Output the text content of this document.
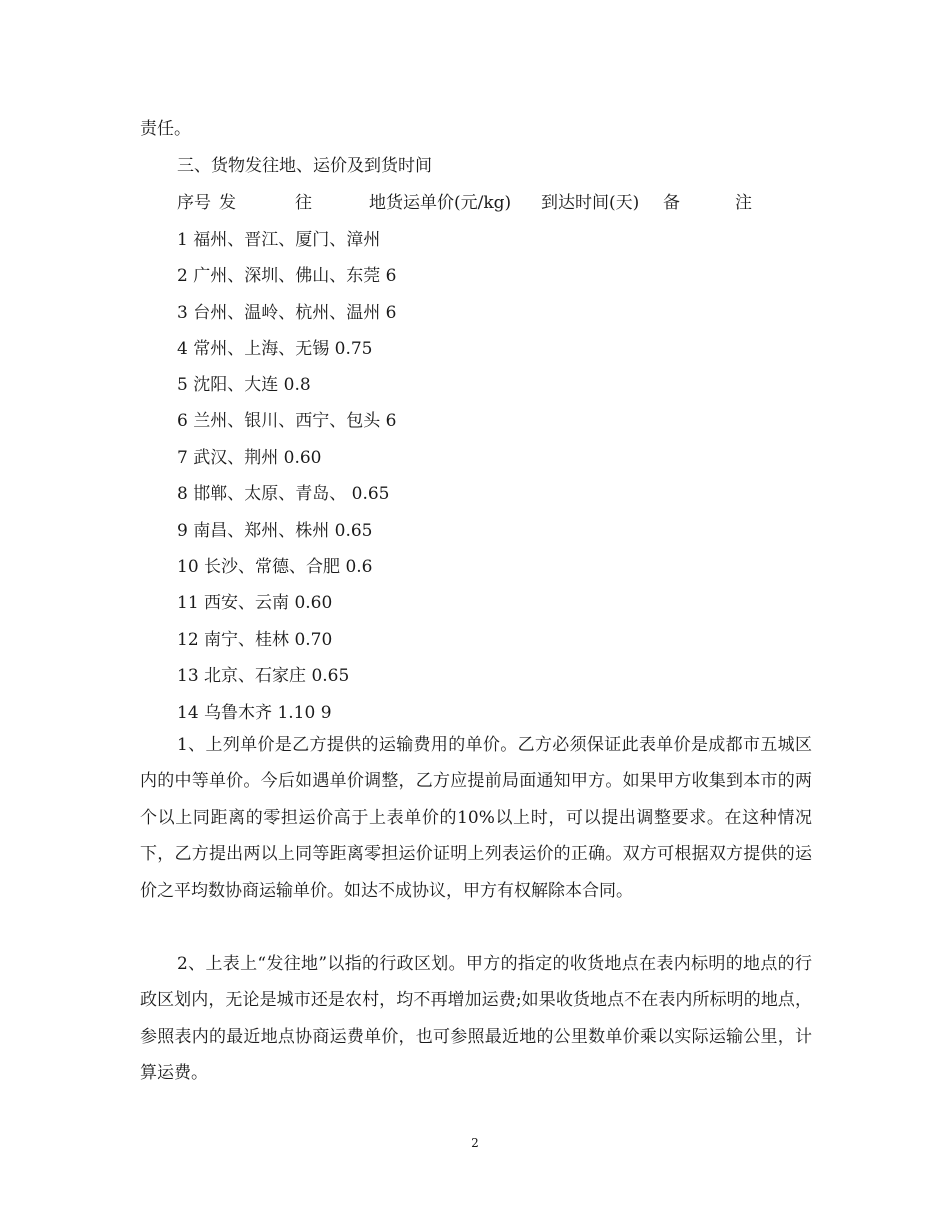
责任。
三、货物发往地、运价及到货时间
序号 发	往	地货运单价(元/kg) 到达时间(天) 备	注
1 福州、晋江、厦门、漳州
2 广州、深圳、佛山、东莞 6
3 台州、温岭、杭州、温州 6
4 常州、上海、无锡 0.75
5 沈阳、大连 0.8
6 兰州、银川、西宁、包头 6
7 武汉、荆州 0.60
8 邯郸、太原、青岛、 0.65
9 南昌、郑州、株州 0.65
10 长沙、常德、合肥 0.6
11 西安、云南 0.60
12 南宁、桂林 0.70
13 北京、石家庄 0.65
14 乌鲁木齐 1.10 9

1、上列单价是乙方提供的运输费用的单价。乙方必须保证此表单价是成都市五城区内的中等单价。今后如遇单价调整，乙方应提前局面通知甲方。如果甲方收集到本市的两个以上同距离的零担运价高于上表单价的10%以上时，可以提出调整要求。在这种情况下，乙方提出两以上同等距离零担运价证明上列表运价的正确。双方可根据双方提供的运价之平均数协商运输单价。如达不成协议，甲方有权解除本合同。

2、上表上“发往地”以指的行政区划。甲方的指定的收货地点在表内标明的地点的行政区划内，无论是城市还是农村，均不再增加运费;如果收货地点不在表内所标明的地点，参照表内的最近地点协商运费单价，也可参照最近地的公里数单价乘以实际运输公里，计算运费。

2
